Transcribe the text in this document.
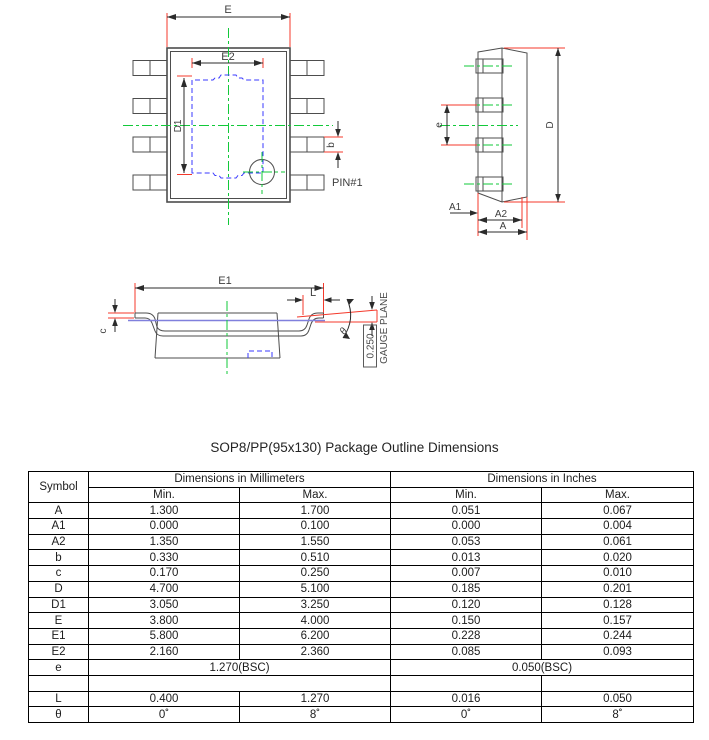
E
E2
D1
b
PIN#1
e	D
A1
A2
A
E1
L
c	θ
0.250 GAUGE PLANE
SOP8/PP(95x130) Package Outline Dimensions
Symbol	Dimensions in Millimeters		Dimensions in Inches	
	Min.	Max.	Min.	Max.
A	1.300	1.700	0.051	0.067
A1	0.000	0.100	0.000	0.004
A2	1.350	1.550	0.053	0.061
b	0.330	0.510	0.013	0.020
c	0.170	0.250	0.007	0.010
D	4.700	5.100	0.185	0.201
D1	3.050	3.250	0.120	0.128
E	3.800	4.000	0.150	0.157
E1	5.800	6.200	0.228	0.244
E2	2.160	2.360	0.085	0.093
e	1.270(BSC)		0.050(BSC)	

L	0.400	1.270	0.016	0.050
θ	0˚	8˚	0˚	8˚
